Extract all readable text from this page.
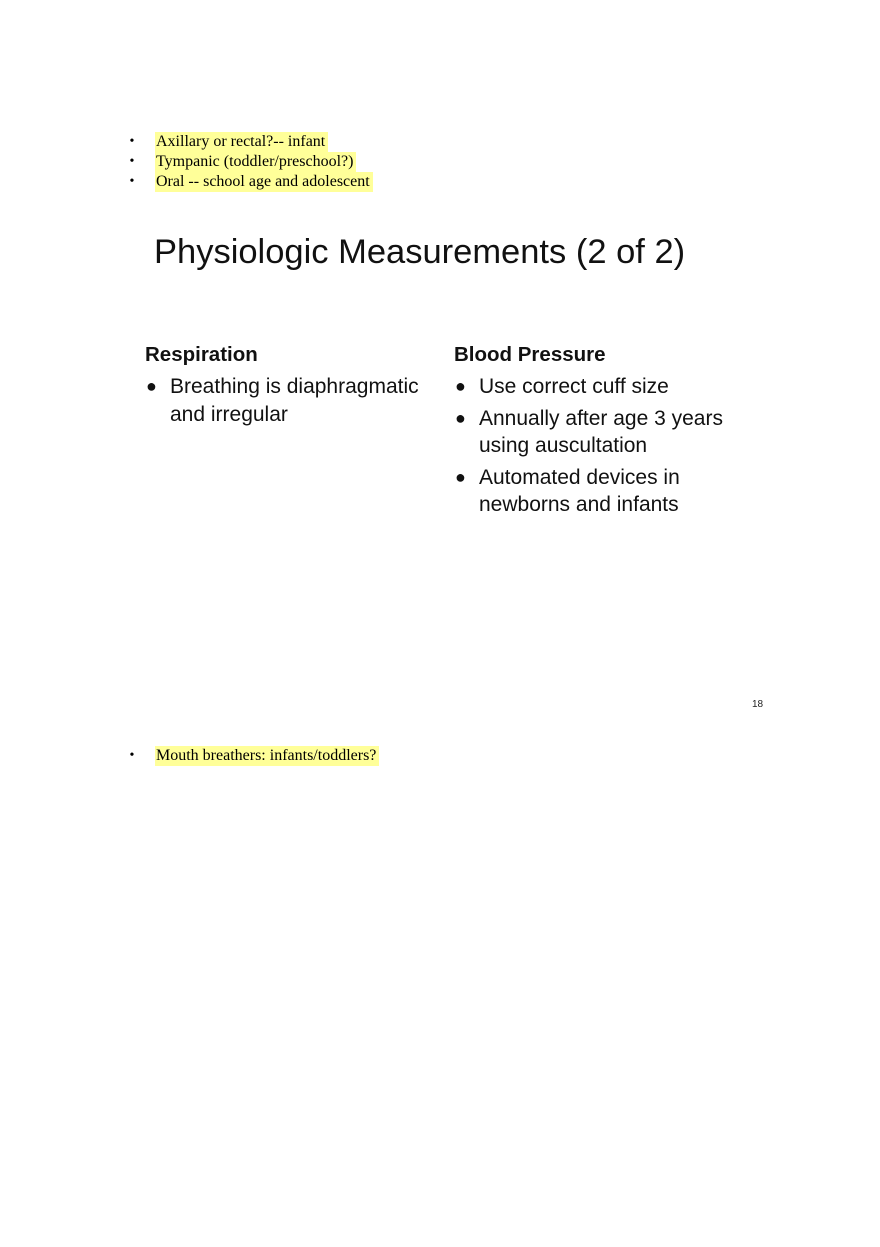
• Axillary or rectal?-- infant
• Tympanic (toddler/preschool?)
• Oral -- school age and adolescent
Physiologic Measurements (2 of 2)
Respiration
● Breathing is diaphragmatic and irregular
Blood Pressure
● Use correct cuff size
● Annually after age 3 years using auscultation
● Automated devices in newborns and infants
18
• Mouth breathers: infants/toddlers?
